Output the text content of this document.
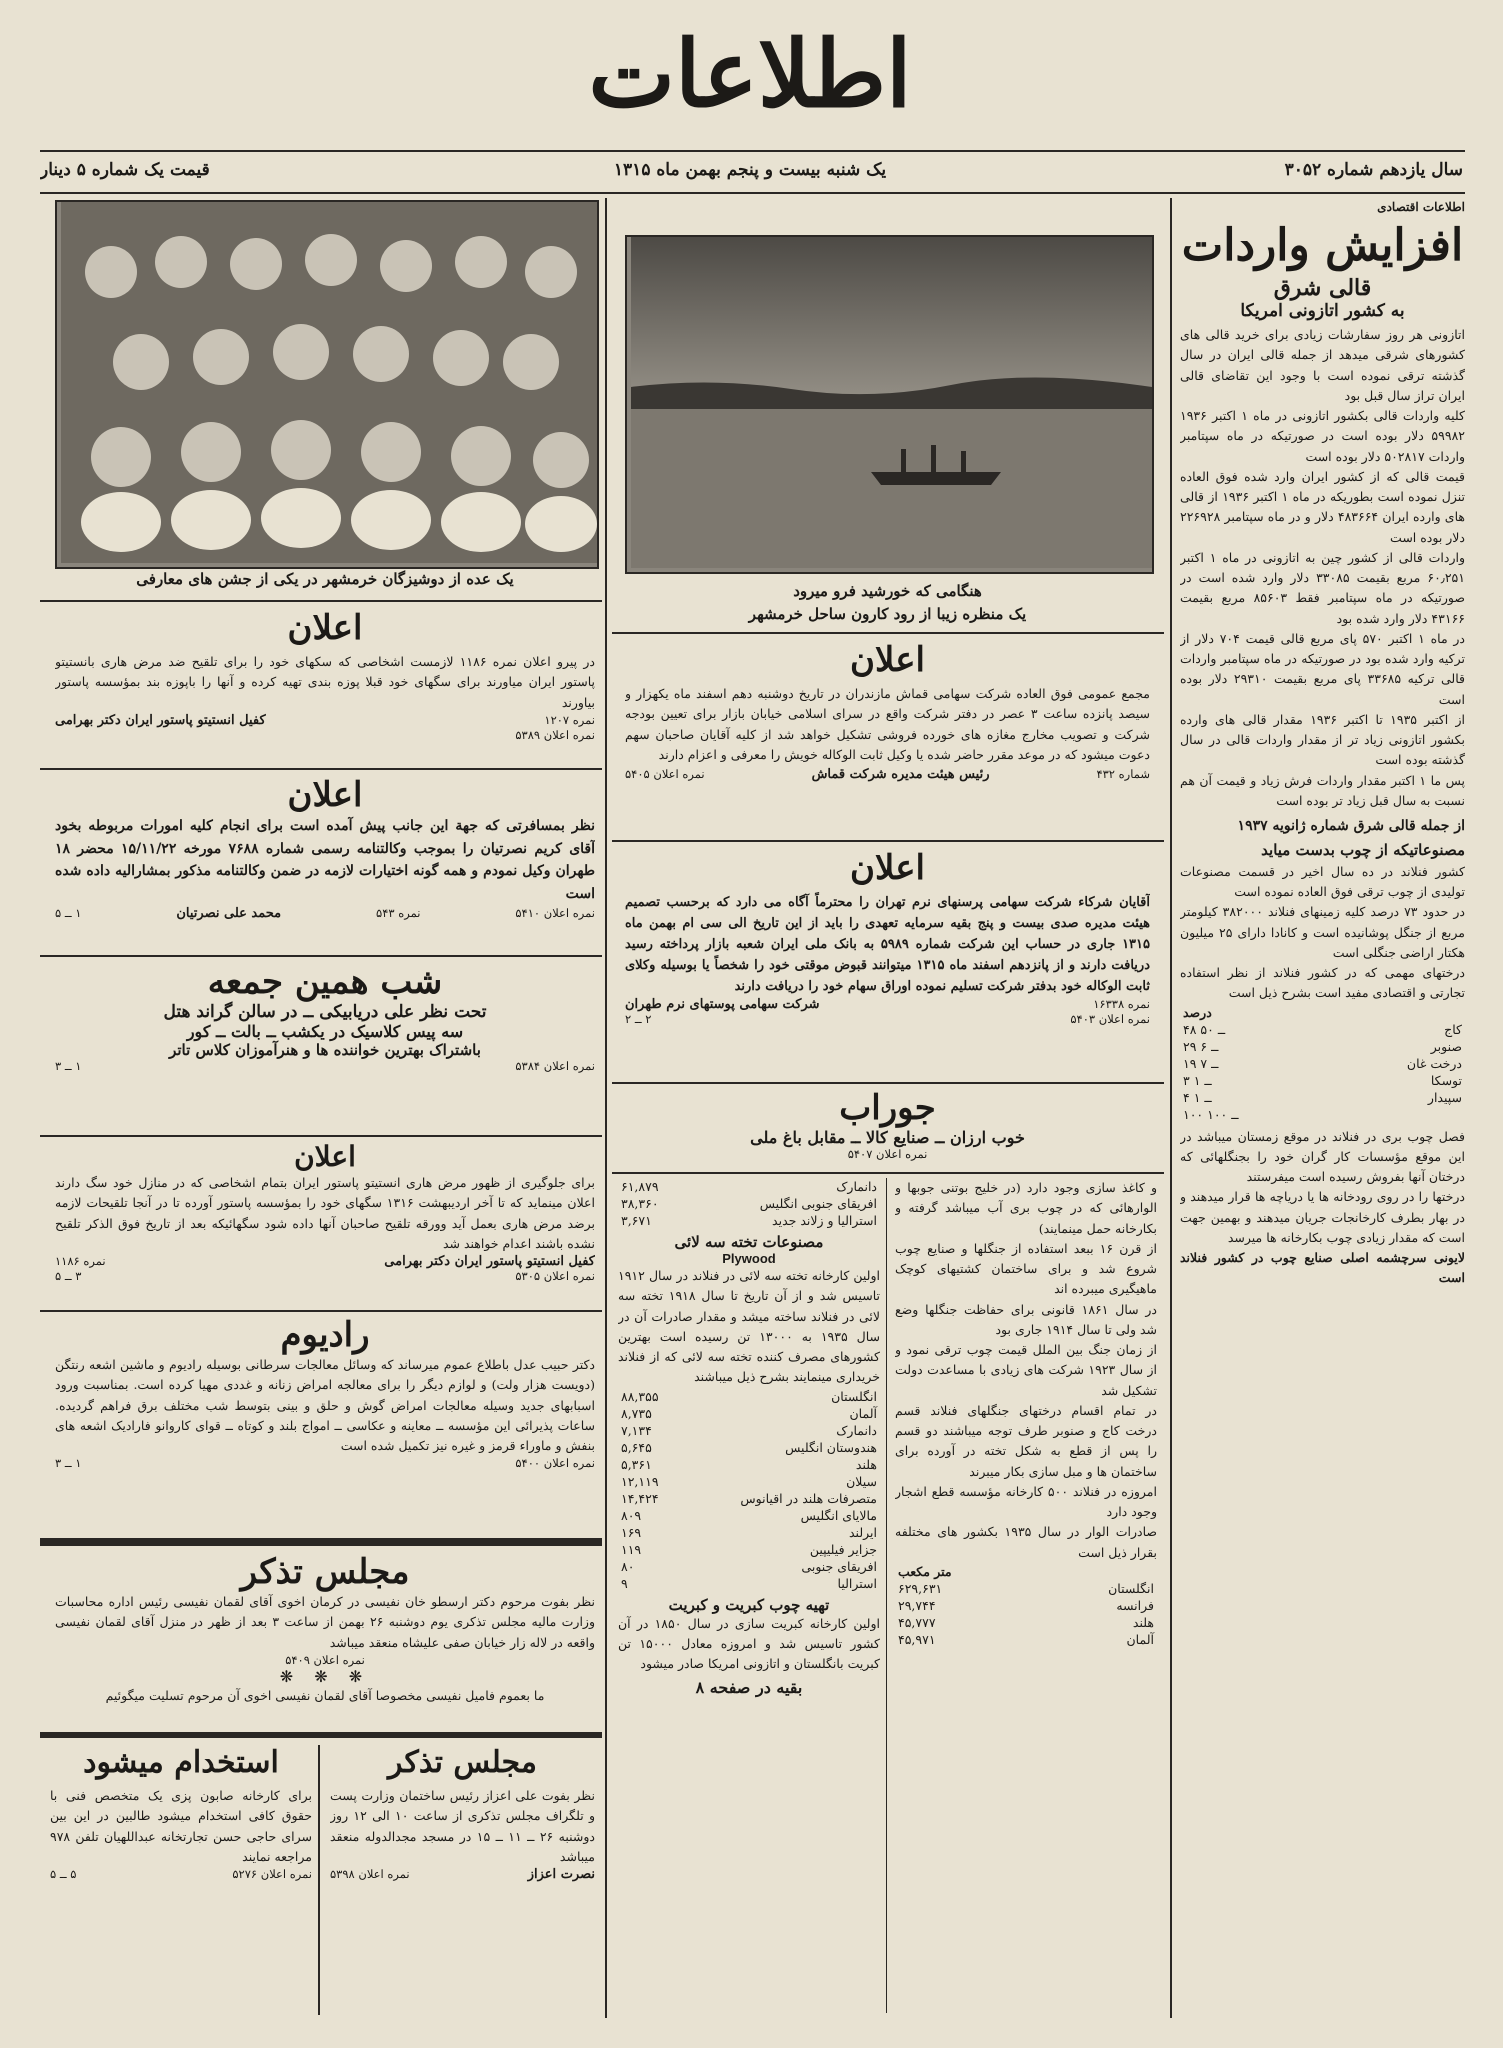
اطلاعات
سال یازدهم شماره ۳۰۵۲
یک شنبه بیست و پنجم بهمن ماه ۱۳۱۵
قیمت یک شماره ۵ دینار
اطلاعات اقتصادی
افزایش واردات
قالی شرق
به کشور اتازونی امریکا
اتازونی هر روز سفارشات زیادی برای خرید قالی های کشورهای شرقی میدهد از جمله قالی ایران در سال گذشته ترقی نموده است با وجود این تقاضای قالی ایران تراز سال قبل بود
کلیه واردات قالی بکشور اتازونی در ماه ۱ اکتبر ۱۹۳۶ ۵۹۹۸۲ دلار بوده است در صورتیکه در ماه سپتامبر واردات ۵۰۲۸۱۷ دلار بوده است
قیمت قالی که از کشور ایران وارد شده فوق العاده تنزل نموده است بطوریکه در ماه ۱ اکتبر ۱۹۳۶ از قالی های وارده ایران ۴۸۳۶۶۴ دلار و در ماه سپتامبر ۲۲۶۹۲۸ دلار بوده است
واردات قالی از کشور چین به اتازونی در ماه ۱ اکتبر ۶۰٫۲۵۱ مربع بقیمت ۳۳۰۸۵ دلار وارد شده است در صورتیکه در ماه سپتامبر فقط ۸۵۶۰۳ مربع بقیمت ۴۳۱۶۶ دلار وارد شده بود
در ماه ۱ اکتبر ۵۷۰ پای مربع قالی قیمت ۷۰۴ دلار از ترکیه وارد شده بود در صورتیکه در ماه سپتامبر واردات قالی ترکیه ۳۳۶۸۵ پای مربع بقیمت ۲۹۳۱۰ دلار بوده است
از اکتبر ۱۹۳۵ تا اکتبر ۱۹۳۶ مقدار قالی های وارده بکشور اتازونی زیاد تر از مقدار واردات قالی در سال گذشته بوده است
پس ما ۱ اکتبر مقدار واردات فرش زیاد و قیمت آن هم نسبت به سال قبل زیاد تر بوده است
از جمله قالی شرق شماره ژانویه ۱۹۳۷
مصنوعاتیکه از چوب بدست میاید
کشور فنلاند در ده سال اخیر در قسمت مصنوعات تولیدی از چوب ترقی فوق العاده نموده است
در حدود ۷۳ درصد کلیه زمینهای فنلاند ۳۸۲۰۰۰ کیلومتر مربع از جنگل پوشانیده است و کانادا دارای ۲۵ میلیون هکتار اراضی جنگلی است
درختهای مهمی که در کشور فنلاند از نظر استفاده تجارتی و اقتصادی مفید است بشرح ذیل است
	درصد
کاج	۴۸ ــ ۵۰
صنوبر	۲۹ ــ ۶
درخت غان	۱۹ ــ ۷
توسکا	۳ ــ ۱
سپیدار	۴ ــ ۱
	۱۰۰ ــ ۱۰۰
فصل چوب بری در فنلاند در موقع زمستان میباشد در این موقع مؤسسات کار گران خود را بجنگلهائی که درختان آنها بفروش رسیده است میفرستند
درختها را در روی رودخانه ها یا دریاچه ها قرار میدهند و در بهار بطرف کارخانجات جریان میدهند و بهمین جهت است که مقدار زیادی چوب بکارخانه ها میرسد
لایونی سرچشمه اصلی صنایع چوب در کشور فنلاند است
هنگامی که خورشید فرو میرود
یک منظره زیبا از رود کارون ساحل خرمشهر
اعلان
مجمع عمومی فوق العاده شرکت سهامی قماش مازندران در تاریخ دوشنبه دهم اسفند ماه یکهزار و سیصد پانزده ساعت ۳ عصر در دفتر شرکت واقع در سرای اسلامی خیابان بازار برای تعیین بودجه شرکت و تصویب مخارج مغازه های خورده فروشی تشکیل خواهد شد از کلیه آقایان صاحبان سهم دعوت میشود که در موعد مقرر حاضر شده یا وکیل ثابت الوکاله خویش را معرفی و اعزام دارند
شماره ۴۳۲
رئیس هیئت مدیره شرکت قماش
نمره اعلان ۵۴۰۵
اعلان
آقایان شرکاء شرکت سهامی پرسنهای نرم تهران را محترماً آگاه می دارد که برحسب تصمیم هیئت مدیره صدی بیست و پنج بقیه سرمایه تعهدی را باید از این تاریخ الی سی ام بهمن ماه ۱۳۱۵ جاری در حساب این شرکت شماره ۵۹۸۹ به بانک ملی ایران شعبه بازار پرداخته رسید دریافت دارند و از پانزدهم اسفند ماه ۱۳۱۵ میتوانند قبوض موقتی خود را شخصاً یا بوسیله وکلای ثابت الوکاله خود بدفتر شرکت تسلیم نموده اوراق سهام خود را دریافت دارند
نمره ۱۶۳۳۸
شرکت سهامی پوستهای نرم طهران
نمره اعلان ۵۴۰۳
۲ ــ ۲
جوراب
خوب ارزان ــ صنایع کالا ــ مقابل باغ ملی
نمره اعلان ۵۴۰۷
و کاغذ سازی وجود دارد (در خلیج بوتنی جوبها و الوارهائی که در چوب بری آب میباشد گرفته و بکارخانه حمل مینمایند)
از قرن ۱۶ ببعد استفاده از جنگلها و صنایع چوب شروع شد و برای ساختمان کشتیهای کوچک ماهیگیری میبرده اند
در سال ۱۸۶۱ قانونی برای حفاظت جنگلها وضع شد ولی تا سال ۱۹۱۴ جاری بود
از زمان جنگ بین الملل قیمت چوب ترقی نمود و از سال ۱۹۲۳ شرکت های زیادی با مساعدت دولت تشکیل شد
در تمام اقسام درختهای جنگلهای فنلاند قسم درخت کاج و صنوبر طرف توجه میباشند دو قسم را پس از قطع به شکل تخته در آورده برای ساختمان ها و مبل سازی بکار میبرند
امروزه در فنلاند ۵۰۰ کارخانه مؤسسه قطع اشجار وجود دارد
صادرات الوار در سال ۱۹۳۵ بکشور های مختلفه بقرار ذیل است
	متر مکعب
انگلستان	۶۲۹,۶۳۱
فرانسه	۲۹,۷۴۴
هلند	۴۵,۷۷۷
آلمان	۴۵,۹۷۱
دانمارک	۶۱,۸۷۹
افریقای جنوبی انگلیس	۳۸,۳۶۰
استرالیا و زلاند جدید	۳,۶۷۱
مصنوعات تخته سه لائی
Plywood
اولین کارخانه تخته سه لائی در فنلاند در سال ۱۹۱۲ تاسیس شد و از آن تاریخ تا سال ۱۹۱۸ تخته سه لائی در فنلاند ساخته میشد و مقدار صادرات آن در سال ۱۹۳۵ به ۱۳۰۰۰ تن رسیده است بهترین کشورهای مصرف کننده تخته سه لائی که از فنلاند خریداری مینمایند بشرح ذیل میباشند
انگلستان	۸۸,۳۵۵
آلمان	۸,۷۳۵
دانمارک	۷,۱۳۴
هندوستان انگلیس	۵,۶۴۵
هلند	۵,۳۶۱
سیلان	۱۲,۱۱۹
متصرفات هلند در اقیانوس	۱۴,۴۲۴
مالایای انگلیس	۸۰۹
ایرلند	۱۶۹
جزایر فیلیپین	۱۱۹
افریقای جنوبی	۸۰
استرالیا	۹
تهیه چوب کبریت و کبریت
اولین کارخانه کبریت سازی در سال ۱۸۵۰ در آن کشور تاسیس شد و امروزه معادل ۱۵۰۰۰ تن کبریت بانگلستان و اتازونی امریکا صادر میشود
بقیه در صفحه ۸
یک عده از دوشیزگان خرمشهر در یکی از جشن های معارفی
اعلان
در پیرو اعلان نمره ۱۱۸۶ لازمست اشخاصی که سکهای خود را برای تلقیح ضد مرض هاری بانستیتو پاستور ایران میاورند برای سگهای خود قبلا پوزه بندی تهیه کرده و آنها را باپوزه بند بمؤسسه پاستور بیاورند
نمره ۱۲۰۷
کفیل انستیتو پاستور ایران دکتر بهرامی
نمره اعلان ۵۳۸۹
اعلان
نظر بمسافرتی که جهة این جانب پیش آمده است برای انجام کلیه امورات مربوطه بخود آقای کریم نصرتیان را بموجب وکالتنامه رسمی شماره ۷۶۸۸ مورخه ۱۵/۱۱/۲۲ محضر ۱۸ طهران وکیل نمودم و همه گونه اختیارات لازمه در ضمن وکالتنامه مذکور بمشارالیه داده شده است
نمره اعلان ۵۴۱۰
نمره ۵۴۳
محمد علی نصرتیان
۱ ــ ۵
شب همین جمعه
تحت نظر علی دریابیکی ــ در سالن گراند هتل
سه پیس کلاسیک در یکشب ــ بالت ــ کور
باشتراک بهترین خواننده ها و هنرآموزان کلاس تاتر
نمره اعلان ۵۳۸۴
۱ ــ ۳
اعلان
برای جلوگیری از ظهور مرض هاری انستیتو پاستور ایران بتمام اشخاصی که در منازل خود سگ دارند اعلان مینماید که تا آخر اردیبهشت ۱۳۱۶ سگهای خود را بمؤسسه پاستور آورده تا در آنجا تلقیحات لازمه برضد مرض هاری بعمل آید وورقه تلقیح صاحبان آنها داده شود سگهائیکه بعد از تاریخ فوق الذکر تلقیح نشده باشند اعدام خواهند شد
کفیل انستیتو پاستور ایران دکتر بهرامی
نمره ۱۱۸۶
نمره اعلان ۵۳۰۵
۳ ــ ۵
رادیوم
دکتر حبیب عدل باطلاع عموم میرساند که وسائل معالجات سرطانی بوسیله رادیوم و ماشین اشعه رنتگن (دویست هزار ولت) و لوازم دیگر را برای معالجه امراض زنانه و غددی مهیا کرده است. بمناسبت ورود اسبابهای جدید وسیله معالجات امراض گوش و حلق و بینی بتوسط شب مختلف برق فراهم گردیده. ساعات پذیرائی این مؤسسه ــ معاینه و عکاسی ــ امواج بلند و کوتاه ــ قوای کاروانو فارادیک اشعه های بنفش و ماوراء قرمز و غیره نیز تکمیل شده است
نمره اعلان ۵۴۰۰
۱ ــ ۳
مجلس تذکر
نظر بفوت مرحوم دکتر ارسطو خان نفیسی در کرمان اخوی آقای لقمان نفیسی رئیس اداره محاسبات وزارت مالیه مجلس تذکری یوم دوشنبه ۲۶ بهمن از ساعت ۳ بعد از ظهر در منزل آقای لقمان نفیسی واقعه در لاله زار خیابان صفی علیشاه منعقد میباشد
نمره اعلان ۵۴۰۹
❋ ❋ ❋
ما بعموم فامیل نفیسی مخصوصا آقای لقمان نفیسی اخوی آن مرحوم تسلیت میگوئیم
مجلس تذکر
نظر بفوت علی اعزاز رئیس ساختمان وزارت پست و تلگراف مجلس تذکری از ساعت ۱۰ الی ۱۲ روز دوشنبه ۲۶ ــ ۱۱ ــ ۱۵ در مسجد مجدالدوله منعقد میباشد
نصرت اعزاز
نمره اعلان ۵۳۹۸
استخدام میشود
برای کارخانه صابون پزی یک متخصص فنی با حقوق کافی استخدام میشود طالبین در این بین سرای حاجی حسن تجارتخانه عبداللهیان تلفن ۹۷۸ مراجعه نمایند
نمره اعلان ۵۲۷۶
۵ ــ ۵
